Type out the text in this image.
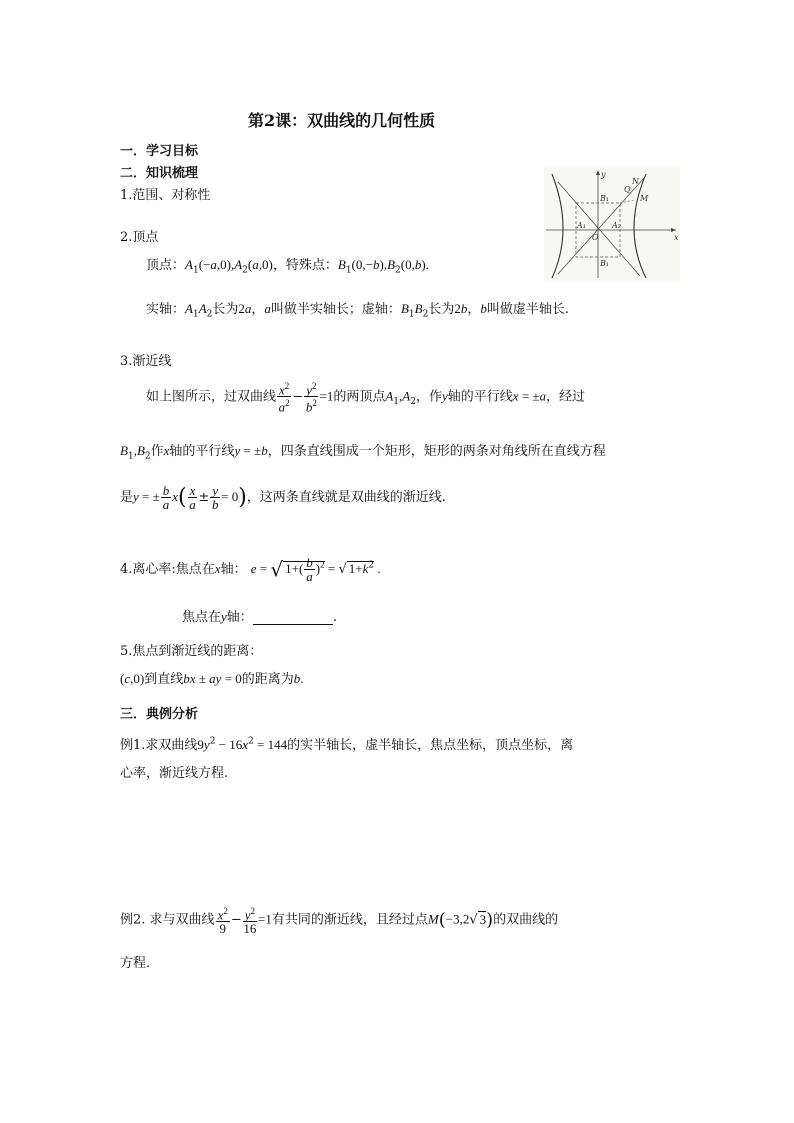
第2课：双曲线的几何性质
一．学习目标
二．知识梳理
1.范围、对称性
y
x
B₁
B₁
A₁	A₂
O
Q
N
M
2.顶点
顶点：$A_1(-a,0),A_2(a,0)$，特殊点：$B_1(0,-b),B_2(0,b)$.
实轴：$A_1A_2$长为2a，a叫做半实轴长；虚轴：$B_1B_2$长为2b，b叫做虚半轴长.
3.渐近线
如上图所示，过双曲线 $\frac{x^2}{a^2} - \frac{y^2}{b^2} =1$的两顶点$A_1,A_2$，作y轴的平行线x = ±a，经过
$B_1,B_2$作x轴的平行线y = ±b，四条直线围成一个矩形，矩形的两条对角线所在直线方程
是y = ± $\frac{b}{a} x( \frac{x}{a} \pm \frac{y}{b} = 0)$，这两条直线就是双曲线的渐近线.
4.离心率:焦点在x轴： e = √ $1+( \frac{b}{a} )^2$ = √ $1+k^2$ .
焦点在y轴：	.
5.焦点到渐近线的距离：
(c,0)到直线bx ± ay = 0的距离为b.
三．典例分析
例1.求双曲线$9y^2 - 16x^2 = 144$的实半轴长，虚半轴长，焦点坐标，顶点坐标，离
心率，渐近线方程.
例2. 求与双曲线 $\frac{x^2}{9} - \frac{y^2}{16} =1$有共同的渐近线，且经过点M(−3,2√ 3)的双曲线的
方程.
